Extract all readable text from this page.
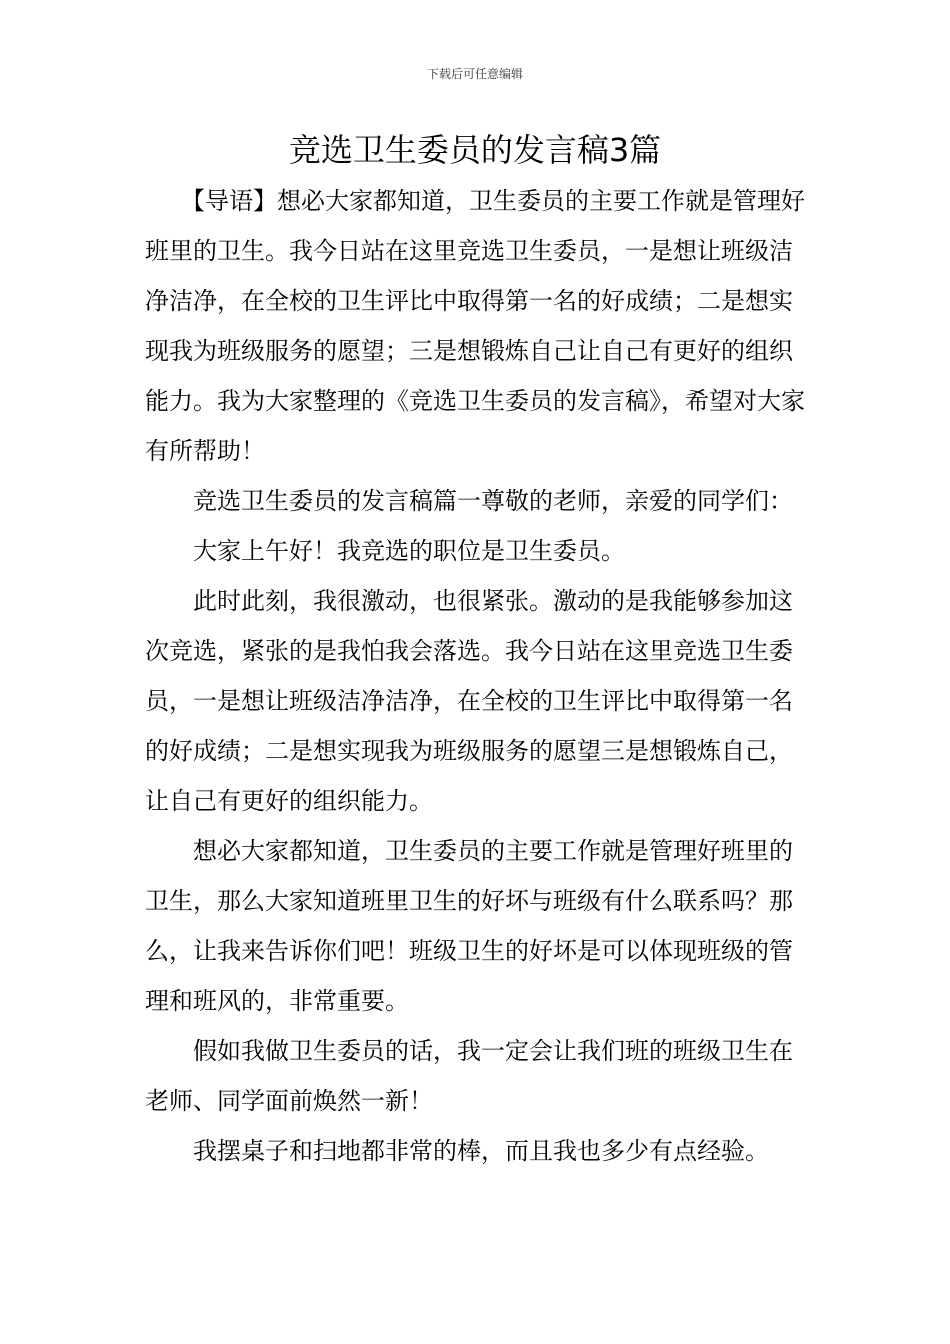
下载后可任意编辑
竞选卫生委员的发言稿3篇

　　【导语】想必大家都知道，卫生委员的主要工作就是管理好班里的卫生。我今日站在这里竞选卫生委员，一是想让班级洁净洁净，在全校的卫生评比中取得第一名的好成绩；二是想实现我为班级服务的愿望；三是想锻炼自己让自己有更好的组织能力。我为大家整理的《竞选卫生委员的发言稿》，希望对大家有所帮助！

　　竞选卫生委员的发言稿篇一尊敬的老师，亲爱的同学们：

　　大家上午好！我竞选的职位是卫生委员。

　　此时此刻，我很激动，也很紧张。激动的是我能够参加这次竞选，紧张的是我怕我会落选。我今日站在这里竞选卫生委员，一是想让班级洁净洁净，在全校的卫生评比中取得第一名的好成绩；二是想实现我为班级服务的愿望三是想锻炼自己，让自己有更好的组织能力。

　　想必大家都知道，卫生委员的主要工作就是管理好班里的卫生，那么大家知道班里卫生的好坏与班级有什么联系吗？那么，让我来告诉你们吧！班级卫生的好坏是可以体现班级的管理和班风的，非常重要。

　　假如我做卫生委员的话，我一定会让我们班的班级卫生在老师、同学面前焕然一新！

　　我摆桌子和扫地都非常的棒，而且我也多少有点经验。
